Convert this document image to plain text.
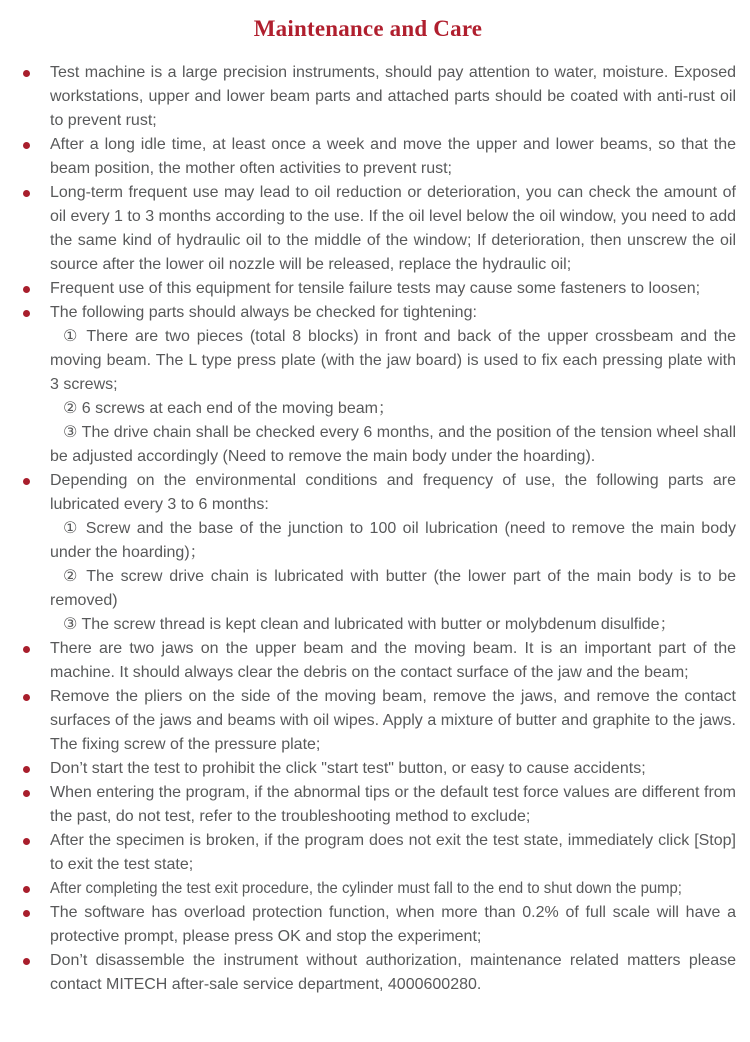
Maintenance and Care

Test machine is a large precision instruments, should pay attention to water, moisture. Exposed workstations, upper and lower beam parts and attached parts should be coated with anti-rust oil to prevent rust;

After a long idle time, at least once a week and move the upper and lower beams, so that the beam position, the mother often activities to prevent rust;

Long-term frequent use may lead to oil reduction or deterioration, you can check the amount of oil every 1 to 3 months according to the use. If the oil level below the oil window, you need to add the same kind of hydraulic oil to the middle of the window; If deterioration, then unscrew the oil source after the lower oil nozzle will be released, replace the hydraulic oil;

Frequent use of this equipment for tensile failure tests may cause some fasteners to loosen;

The following parts should always be checked for tightening:

① There are two pieces (total 8 blocks) in front and back of the upper crossbeam and the moving beam. The L type press plate (with the jaw board) is used to fix each pressing plate with 3 screws;

② 6 screws at each end of the moving beam；

③ The drive chain shall be checked every 6 months, and the position of the tension wheel shall be adjusted accordingly (Need to remove the main body under the hoarding).

Depending on the environmental conditions and frequency of use, the following parts are lubricated every 3 to 6 months:

① Screw and the base of the junction to 100 oil lubrication (need to remove the main body under the hoarding)；

② The screw drive chain is lubricated with butter (the lower part of the main body is to be removed)

③ The screw thread is kept clean and lubricated with butter or molybdenum disulfide；

There are two jaws on the upper beam and the moving beam. It is an important part of the machine. It should always clear the debris on the contact surface of the jaw and the beam;

Remove the pliers on the side of the moving beam, remove the jaws, and remove the contact surfaces of the jaws and beams with oil wipes. Apply a mixture of butter and graphite to the jaws. The fixing screw of the pressure plate;

Don’t start the test to prohibit the click "start test" button, or easy to cause accidents;

When entering the program, if the abnormal tips or the default test force values are different from the past, do not test, refer to the troubleshooting method to exclude;

After the specimen is broken, if the program does not exit the test state, immediately click [Stop] to exit the test state;

After completing the test exit procedure, the cylinder must fall to the end to shut down the pump;

The software has overload protection function, when more than 0.2% of full scale will have a protective prompt, please press OK and stop the experiment;

Don’t disassemble the instrument without authorization, maintenance related matters please contact MITECH after-sale service department, 4000600280.
